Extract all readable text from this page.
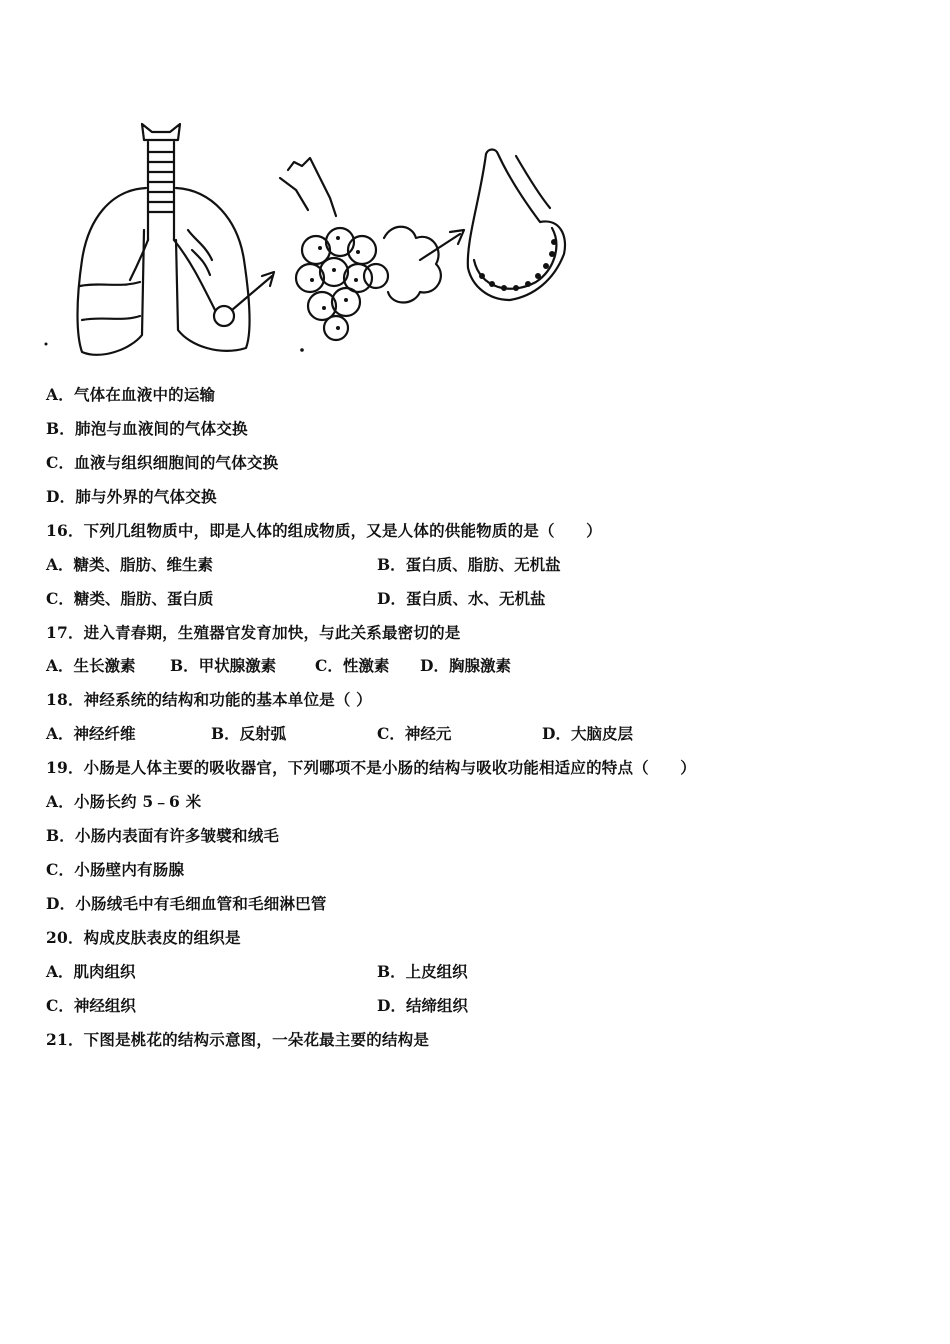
A．气体在血液中的运输
B．肺泡与血液间的气体交换
C．血液与组织细胞间的气体交换
D．肺与外界的气体交换
16．下列几组物质中，即是人体的组成物质，又是人体的供能物质的是（　　）
A．糖类、脂肪、维生素	B．蛋白质、脂肪、无机盐
C．糖类、脂肪、蛋白质	D．蛋白质、水、无机盐
17．进入青春期，生殖器官发育加快，与此关系最密切的是
A．生长激素 B．甲状腺激素	C．性激素 D．胸腺激素
18．神经系统的结构和功能的基本单位是（ ）
A．神经纤维	B．反射弧	C．神经元	D．大脑皮层
19．小肠是人体主要的吸收器官，下列哪项不是小肠的结构与吸收功能相适应的特点（　　）
A．小肠长约 5﹣6 米
B．小肠内表面有许多皱襞和绒毛
C．小肠壁内有肠腺
D．小肠绒毛中有毛细血管和毛细淋巴管
20．构成皮肤表皮的组织是
A．肌肉组织	B．上皮组织
C．神经组织	D．结缔组织
21．下图是桃花的结构示意图，一朵花最主要的结构是
